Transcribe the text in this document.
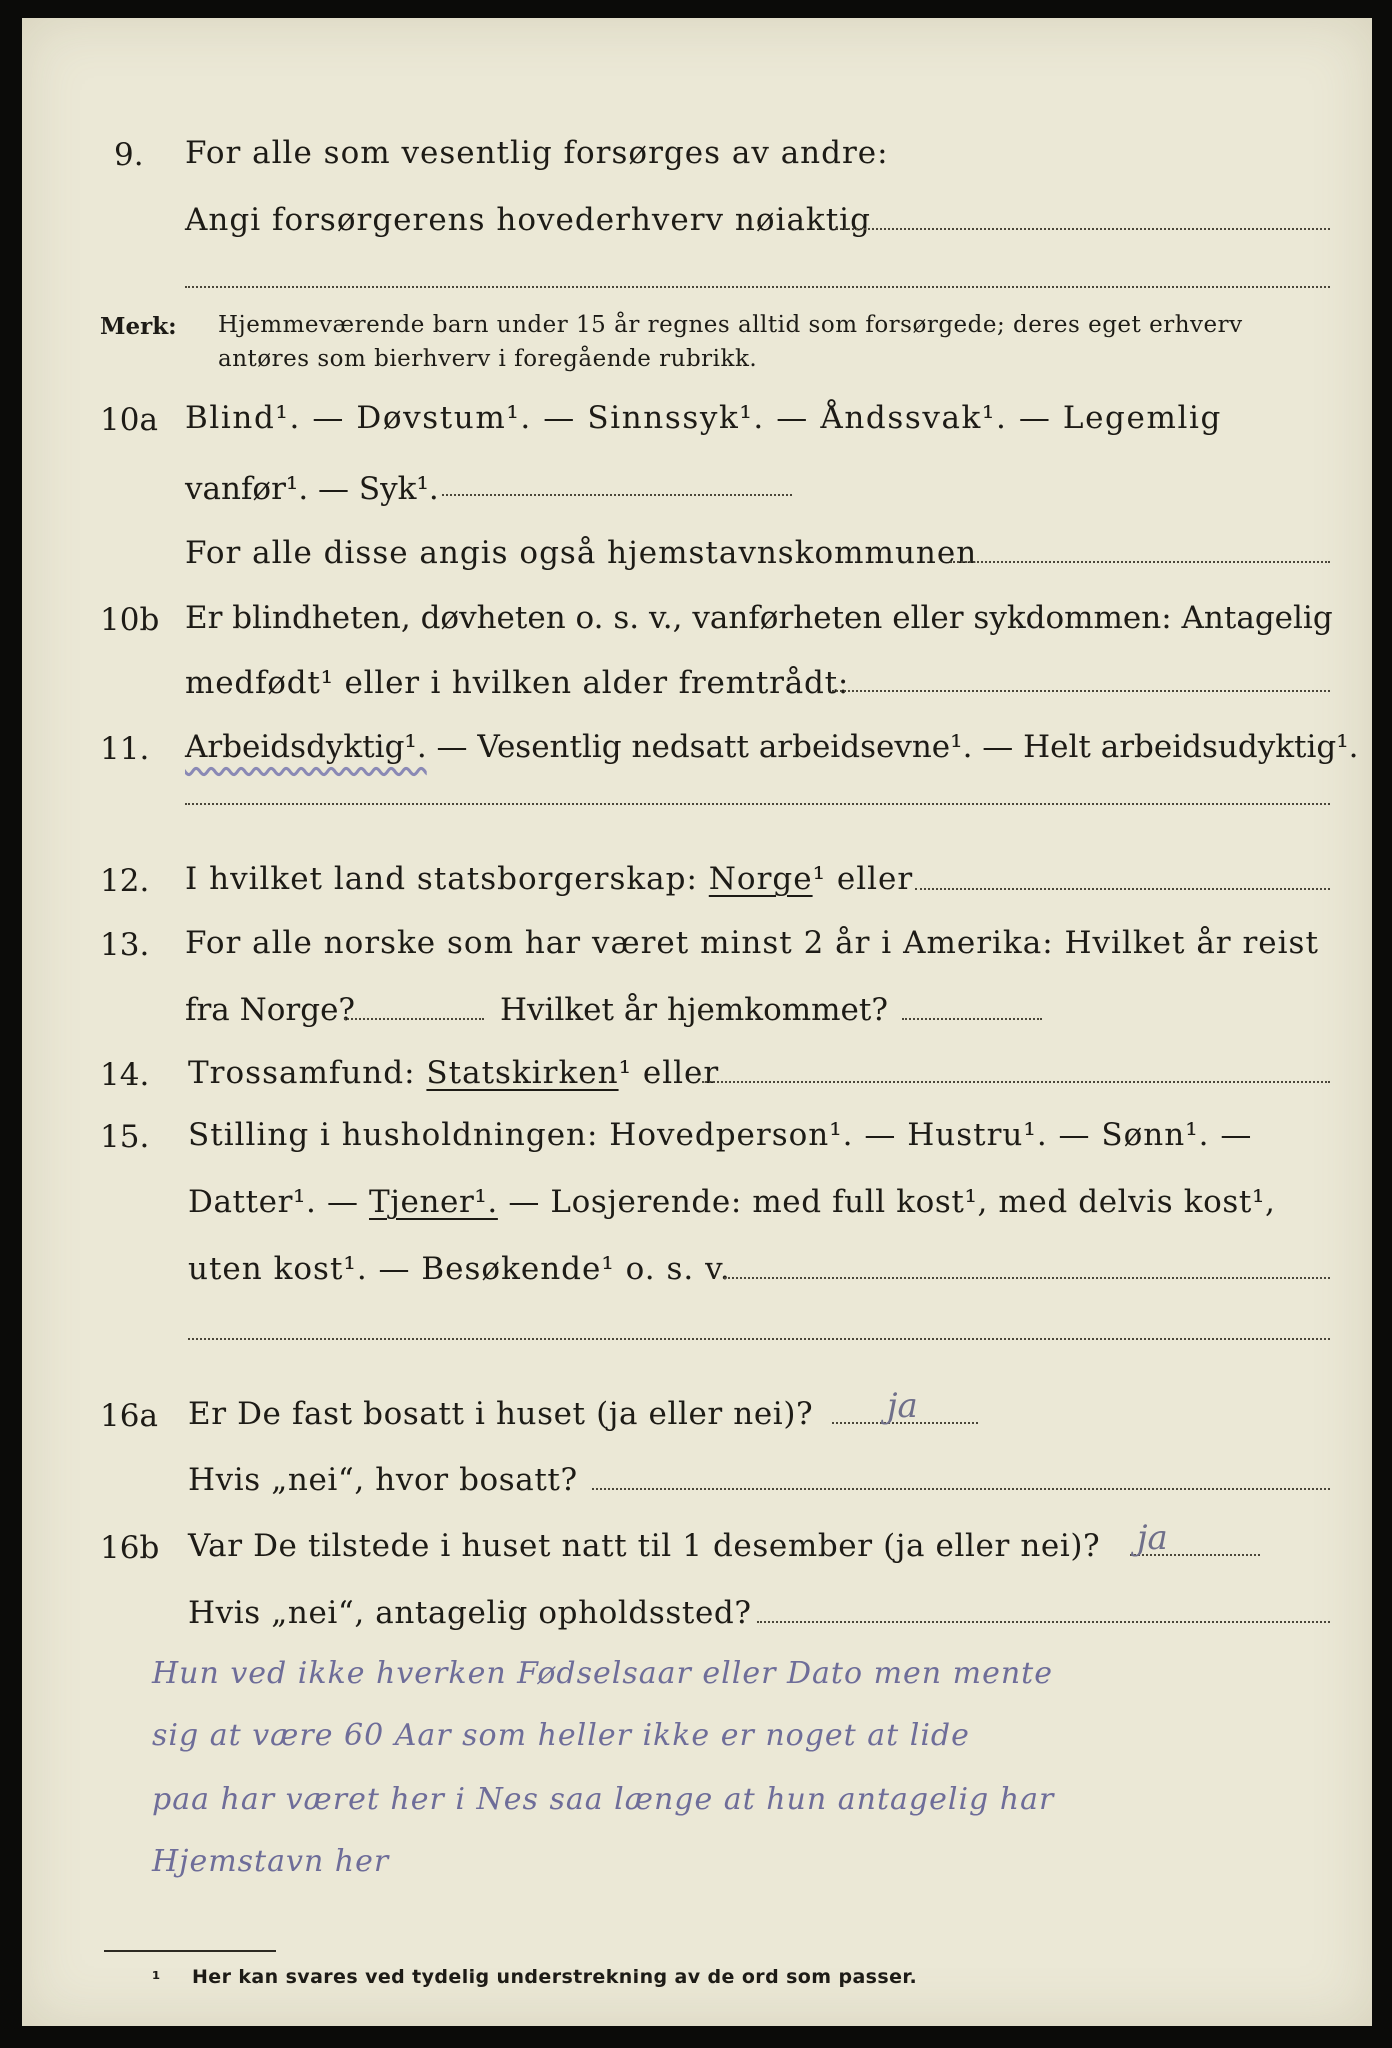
9. For alle som vesentlig forsørges av andre:
Angi forsørgerens hovederhverv nøiaktig
Merk: Hjemmeværende barn under 15 år regnes alltid som forsørgede; deres eget erhverv
antøres som bierhverv i foregående rubrikk.
10a Blind¹. — Døvstum¹. — Sinnssyk¹. — Åndssvak¹. — Legemlig
vanfør¹. — Syk¹.
For alle disse angis også hjemstavnskommunen
10b Er blindheten, døvheten o. s. v., vanførheten eller sykdommen: Antagelig
medfødt¹ eller i hvilken alder fremtrådt:
11. Arbeidsdyktig¹. — Vesentlig nedsatt arbeidsevne¹. — Helt arbeidsudyktig¹.
12. I hvilket land statsborgerskap: Norge¹ eller
13. For alle norske som har været minst 2 år i Amerika: Hvilket år reist
fra Norge?	Hvilket år hjemkommet?
14. Trossamfund: Statskirken¹ eller
15. Stilling i husholdningen: Hovedperson¹. — Hustru¹. — Sønn¹. —
Datter¹. — Tjener¹. — Losjerende: med full kost¹, med delvis kost¹,
uten kost¹. — Besøkende¹ o. s. v.
16a Er De fast bosatt i huset (ja eller nei)? ja
Hvis „nei“, hvor bosatt?
16b Var De tilstede i huset natt til 1 desember (ja eller nei)? ja
Hvis „nei“, antagelig opholdssted?
Hun ved ikke hverken Fødselsaar eller Dato men mente
sig at være 60 Aar som heller ikke er noget at lide
paa har været her i Nes saa længe at hun antagelig har
Hjemstavn her
¹ Her kan svares ved tydelig understrekning av de ord som passer.
